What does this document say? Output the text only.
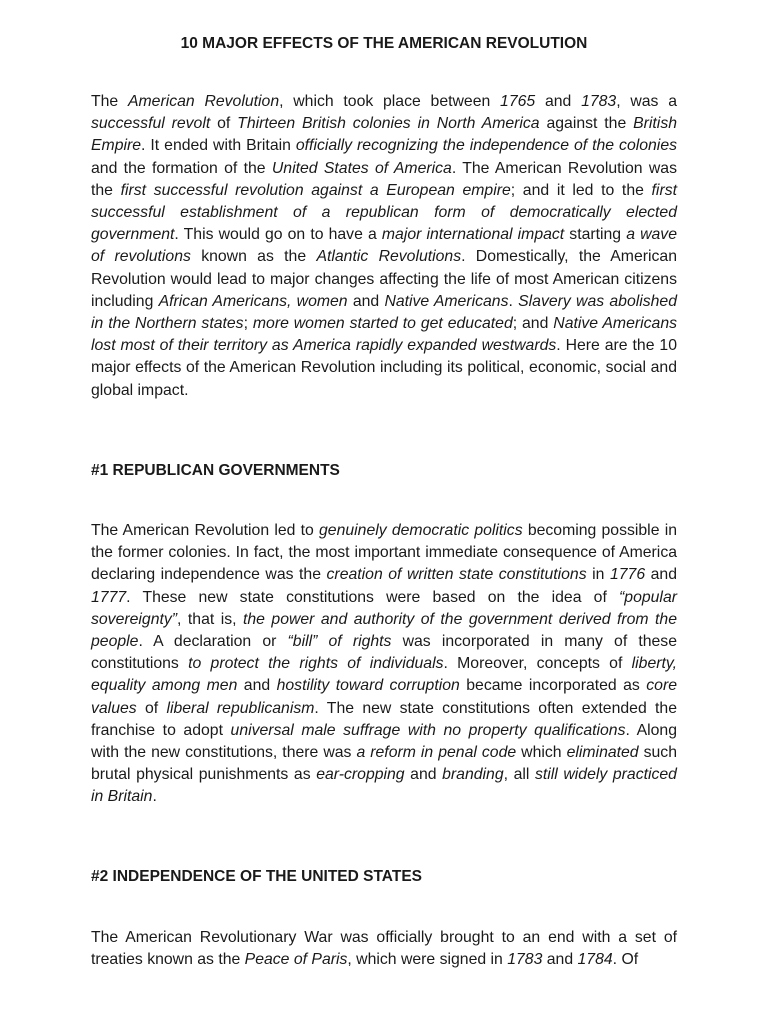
10 MAJOR EFFECTS OF THE AMERICAN REVOLUTION

The American Revolution, which took place between 1765 and 1783, was a successful revolt of Thirteen British colonies in North America against the British Empire. It ended with Britain officially recognizing the independence of the colonies and the formation of the United States of America. The American Revolution was the first successful revolution against a European empire; and it led to the first successful establishment of a republican form of democratically elected government. This would go on to have a major international impact starting a wave of revolutions known as the Atlantic Revolutions. Domestically, the American Revolution would lead to major changes affecting the life of most American citizens including African Americans, women and Native Americans. Slavery was abolished in the Northern states; more women started to get educated; and Native Americans lost most of their territory as America rapidly expanded westwards. Here are the 10 major effects of the American Revolution including its political, economic, social and global impact.

#1 REPUBLICAN GOVERNMENTS

The American Revolution led to genuinely democratic politics becoming possible in the former colonies. In fact, the most important immediate consequence of America declaring independence was the creation of written state constitutions in 1776 and 1777. These new state constitutions were based on the idea of “popular sovereignty”, that is, the power and authority of the government derived from the people. A declaration or “bill” of rights was incorporated in many of these constitutions to protect the rights of individuals. Moreover, concepts of liberty, equality among men and hostility toward corruption became incorporated as core values of liberal republicanism. The new state constitutions often extended the franchise to adopt universal male suffrage with no property qualifications. Along with the new constitutions, there was a reform in penal code which eliminated such brutal physical punishments as ear-cropping and branding, all still widely practiced in Britain.

#2 INDEPENDENCE OF THE UNITED STATES

The American Revolutionary War was officially brought to an end with a set of treaties known as the Peace of Paris, which were signed in 1783 and 1784. Of
